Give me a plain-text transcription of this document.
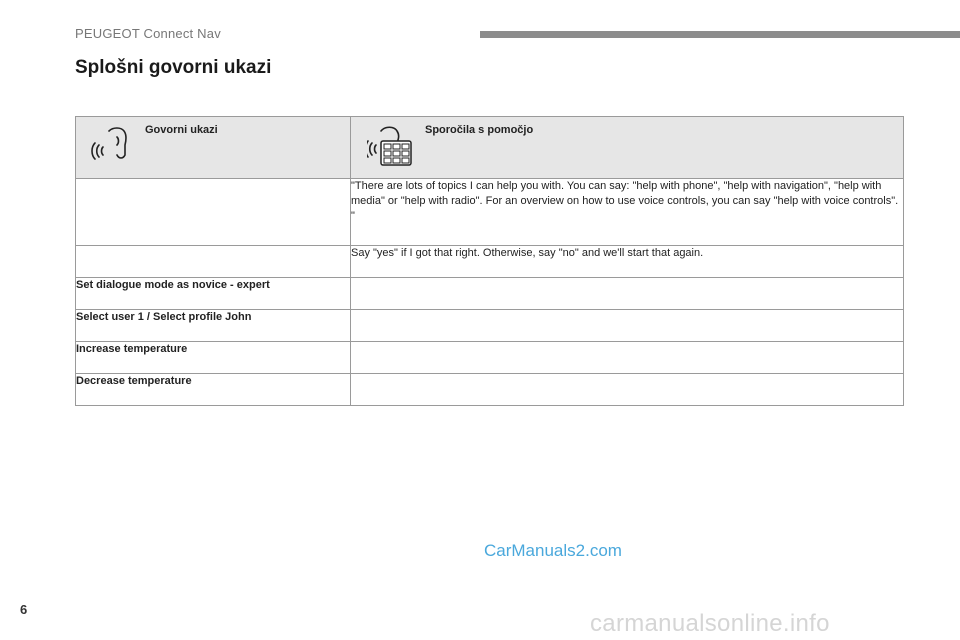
PEUGEOT Connect Nav
Splošni govorni ukazi
Govorni ukazi	Sporočila s pomočjo

	"There are lots of topics I can help you with. You can say: "help with phone", "help with navigation", "help with media" or "help with radio". For an overview on how to use voice controls, you can say "help with voice controls". "
	Say "yes" if I got that right. Otherwise, say "no" and we'll start that again.
Set dialogue mode as novice - expert	
Select user 1 / Select profile John	
Increase temperature	
Decrease temperature	
6
CarManuals2.com
carmanualsonline.info
